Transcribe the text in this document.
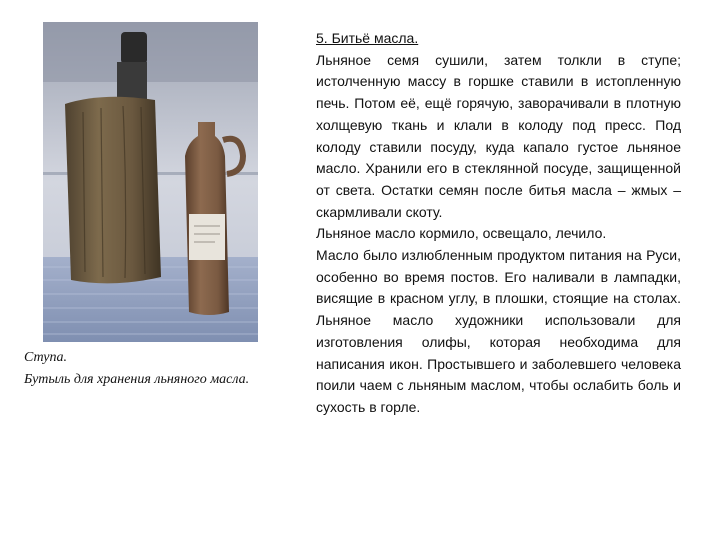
Ступа.
Бутыль для хранения льняного масла.

5. Битьё масла.

Льняное семя сушили, затем толкли в ступе; истолченную массу в горшке ставили в истопленную печь. Потом её, ещё горячую, заворачивали в плотную холщевую ткань и клали в колоду под пресс. Под колоду ставили посуду, куда капало густое льняное масло. Хранили его в стеклянной посуде, защищенной от света. Остатки семян после битья масла – жмых – скармливали скоту.

Льняное масло кормило, освещало, лечило.

Масло было излюбленным продуктом питания на Руси, особенно во время постов. Его наливали в лампадки, висящие в красном углу, в плошки, стоящие на столах. Льняное масло художники использовали для изготовления олифы, которая необходима для написания икон. Простывшего и заболевшего человека поили чаем с льняным маслом, чтобы ослабить боль и сухость в горле.
